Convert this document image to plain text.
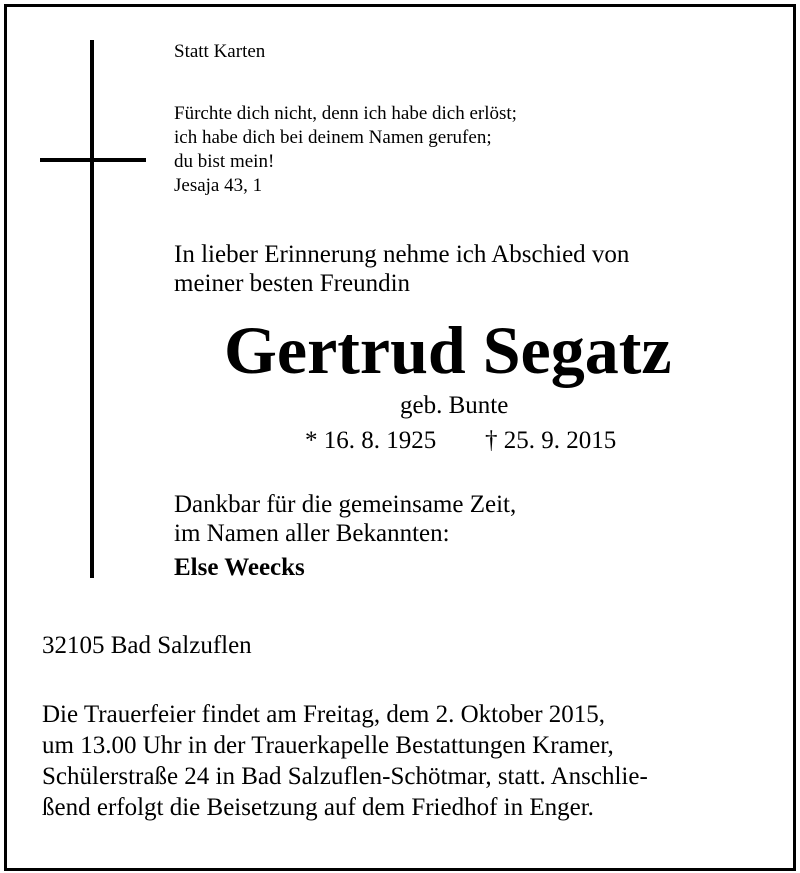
Statt Karten
Fürchte dich nicht, denn ich habe dich erlöst;
ich habe dich bei deinem Namen gerufen;
du bist mein!
Jesaja 43, 1
In lieber Erinnerung nehme ich Abschied von
meiner besten Freundin
Gertrud Segatz
geb. Bunte
* 16. 8. 1925 † 25. 9. 2015
Dankbar für die gemeinsame Zeit,
im Namen aller Bekannten:
Else Weecks
32105 Bad Salzuflen
Die Trauerfeier findet am Freitag, dem 2. Oktober 2015,
um 13.00 Uhr in der Trauerkapelle Bestattungen Kramer,
Schülerstraße 24 in Bad Salzuflen-Schötmar, statt. Anschlie-
ßend erfolgt die Beisetzung auf dem Friedhof in Enger.
